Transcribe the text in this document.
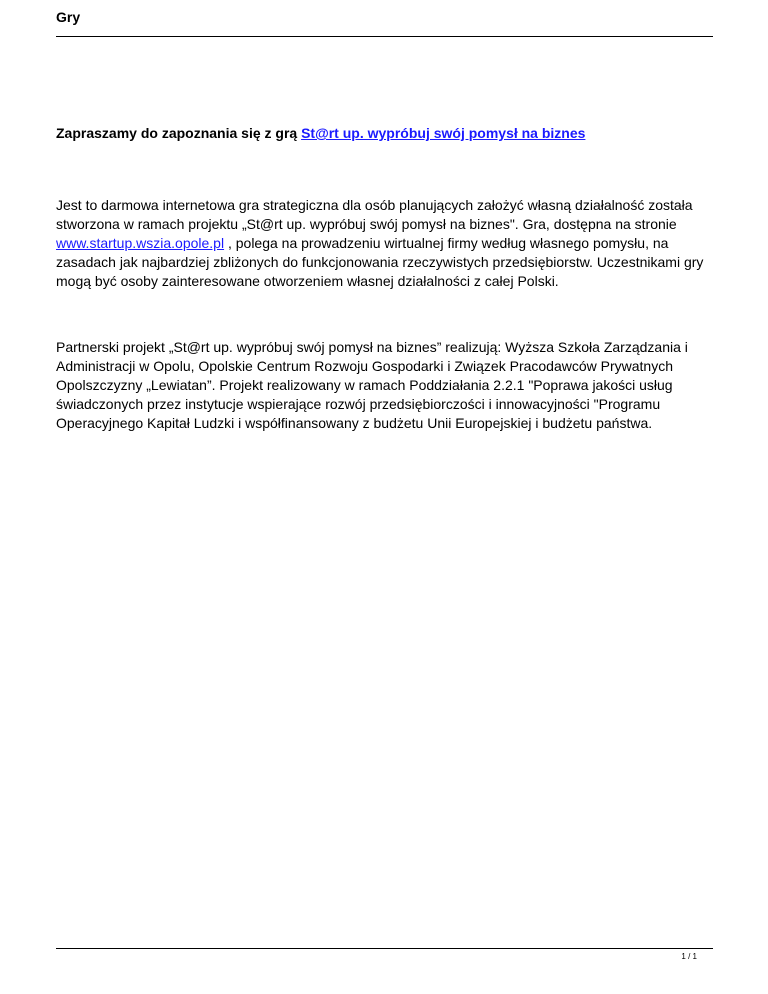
Gry

Zapraszamy do zapoznania się z grą St@rt up. wypróbuj swój pomysł na biznes

Jest to darmowa internetowa gra strategiczna dla osób planujących założyć własną działalność została stworzona w ramach projektu „St@rt up. wypróbuj swój pomysł na biznes". Gra, dostępna na stronie www.startup.wszia.opole.pl , polega na prowadzeniu wirtualnej firmy według własnego pomysłu, na zasadach jak najbardziej zbliżonych do funkcjonowania rzeczywistych przedsiębiorstw. Uczestnikami gry mogą być osoby zainteresowane otworzeniem własnej działalności z całej Polski.

Partnerski projekt „St@rt up. wypróbuj swój pomysł na biznes” realizują: Wyższa Szkoła Zarządzania i Administracji w Opolu, Opolskie Centrum Rozwoju Gospodarki i Związek Pracodawców Prywatnych Opolszczyzny „Lewiatan”. Projekt realizowany w ramach Poddziałania 2.2.1 "Poprawa jakości usług świadczonych przez instytucje wspierające rozwój przedsiębiorczości i innowacyjności "Programu Operacyjnego Kapitał Ludzki i współfinansowany z budżetu Unii Europejskiej i budżetu państwa.

1 / 1
